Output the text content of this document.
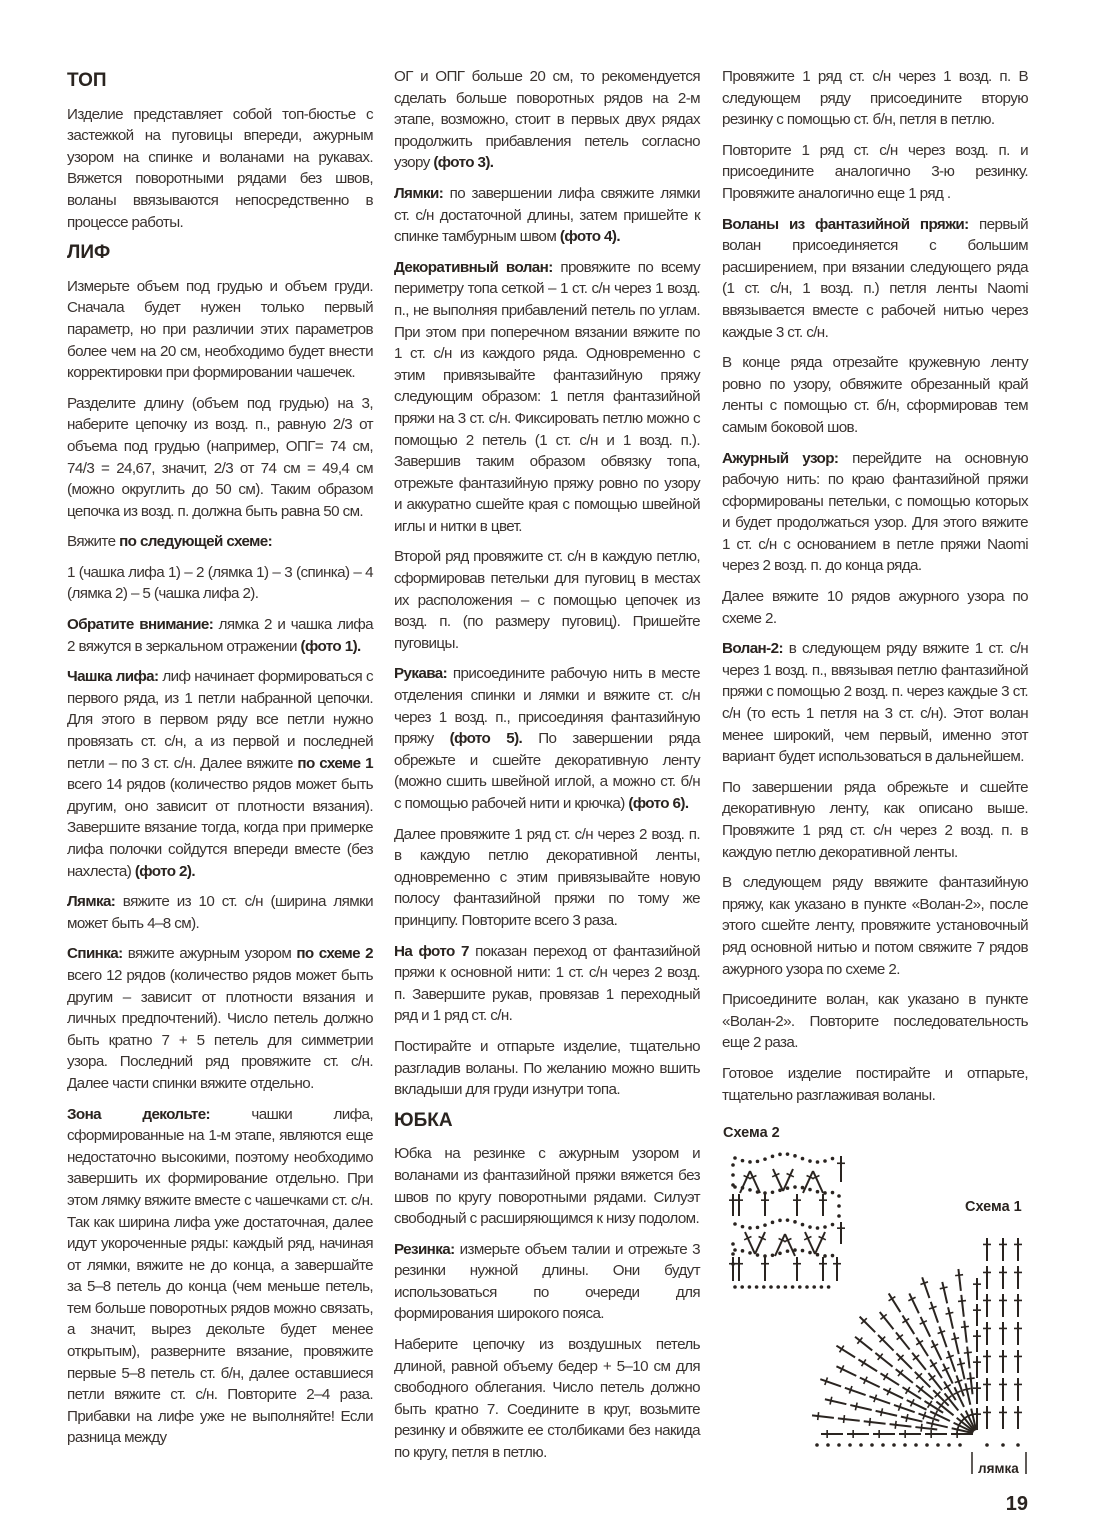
ТОП

Изделие представляет собой топ-бюстье с застежкой на пуговицы впереди, ажурным узором на спинке и воланами на рукавах. Вяжется поворотными рядами без швов, воланы ввязываются непосредственно в процессе работы.

ЛИФ

Измерьте объем под грудью и объем груди. Сначала будет нужен только первый параметр, но при различии этих параметров более чем на 20 см, необходимо будет внести корректировки при формировании чашечек.

Разделите длину (объем под грудью) на 3, наберите цепочку из возд. п., равную 2/3 от объема под грудью (например, ОПГ= 74 см, 74/3 = 24,67, значит, 2/3 от 74 см = 49,4 см (можно округлить до 50 см). Таким образом цепочка из возд. п. должна быть равна 50 см.

Вяжите по следующей схеме:

1 (чашка лифа 1) – 2 (лямка 1) – 3 (спинка) – 4 (лямка 2) – 5 (чашка лифа 2).

Обратите внимание: лямка 2 и чашка лифа 2 вяжутся в зеркальном отражении (фото 1).

Чашка лифа: лиф начинает формироваться с первого ряда, из 1 петли набранной цепочки. Для этого в первом ряду все петли нужно провязать ст. с/н, а из первой и последней петли – по 3 ст. с/н. Далее вяжите по схеме 1 всего 14 рядов (количество рядов может быть другим, оно зависит от плотности вязания). Завершите вязание тогда, когда при примерке лифа полочки сойдутся впереди вместе (без нахлеста) (фото 2).

Лямка: вяжите из 10 ст. с/н (ширина лямки может быть 4–8 см).

Спинка: вяжите ажурным узором по схеме 2 всего 12 рядов (количество рядов может быть другим – зависит от плотности вязания и личных предпочтений). Число петель должно быть кратно 7 + 5 петель для симметрии узора. Последний ряд провяжите ст. с/н. Далее части спинки вяжите отдельно.

Зона декольте: чашки лифа, сформированные на 1-м этапе, являются еще недостаточно высокими, поэтому необходимо завершить их формирование отдельно. При этом лямку вяжите вместе с чашечками ст. с/н. Так как ширина лифа уже достаточная, далее идут укороченные ряды: каждый ряд, начиная от лямки, вяжите не до конца, а завершайте за 5–8 петель до конца (чем меньше петель, тем больше поворотных рядов можно связать, а значит, вырез декольте будет менее открытым), разверните вязание, провяжите первые 5–8 петель ст. б/н, далее оставшиеся петли вяжите ст. с/н. Повторите 2–4 раза. Прибавки на лифе уже не выполняйте! Если разница между

ОГ и ОПГ больше 20 см, то рекомендуется сделать больше поворотных рядов на 2-м этапе, возможно, стоит в первых двух рядах продолжить прибавления петель согласно узору (фото 3).

Лямки: по завершении лифа свяжите лямки ст. с/н достаточной длины, затем пришейте к спинке тамбурным швом (фото 4).

Декоративный волан: провяжите по всему периметру топа сеткой – 1 ст. с/н через 1 возд. п., не выполняя прибавлений петель по углам. При этом при поперечном вязании вяжите по 1 ст. с/н из каждого ряда. Одновременно с этим привязывайте фантазийную пряжу следующим образом: 1 петля фантазийной пряжи на 3 ст. с/н. Фиксировать петлю можно с помощью 2 петель (1 ст. с/н и 1 возд. п.). Завершив таким образом обвязку топа, отрежьте фантазийную пряжу ровно по узору и аккуратно сшейте края с помощью швейной иглы и нитки в цвет.

Второй ряд провяжите ст. с/н в каждую петлю, сформировав петельки для пуговиц в местах их расположения – с помощью цепочек из возд. п. (по размеру пуговиц). Пришейте пуговицы.

Рукава: присоедините рабочую нить в месте отделения спинки и лямки и вяжите ст. с/н через 1 возд. п., присоединяя фантазийную пряжу (фото 5). По завершении ряда обрежьте и сшейте декоративную ленту (можно сшить швейной иглой, а можно ст. б/н с помощью рабочей нити и крючка) (фото 6).

Далее провяжите 1 ряд ст. с/н через 2 возд. п. в каждую петлю декоративной ленты, одновременно с этим привязывайте новую полосу фантазийной пряжи по тому же принципу. Повторите всего 3 раза.

На фото 7 показан переход от фантазийной пряжи к основной нити: 1 ст. с/н через 2 возд. п. Завершите рукав, провязав 1 переходный ряд и 1 ряд ст. с/н.

Постирайте и отпарьте изделие, тщательно разгладив воланы. По желанию можно вшить вкладыши для груди изнутри топа.

ЮБКА

Юбка на резинке с ажурным узором и воланами из фантазийной пряжи вяжется без швов по кругу поворотными рядами. Силуэт свободный с расширяющимся к низу подолом.

Резинка: измерьте объем талии и отрежьте 3 резинки нужной длины. Они будут использоваться по очереди для формирования широкого пояса.

Наберите цепочку из воздушных петель длиной, равной объему бедер + 5–10 см для свободного облегания. Число петель должно быть кратно 7. Соедините в круг, возьмите резинку и обвяжите ее столбиками без накида по кругу, петля в петлю.

Провяжите 1 ряд ст. с/н через 1 возд. п. В следующем ряду присоедините вторую резинку с помощью ст. б/н, петля в петлю.

Повторите 1 ряд ст. с/н через возд. п. и присоедините аналогично 3-ю резинку. Провяжите аналогично еще 1 ряд .

Воланы из фантазийной пряжи: первый волан присоединяется с большим расширением, при вязании следующего ряда (1 ст. с/н, 1 возд. п.) петля ленты Naomi ввязывается вместе с рабочей нитью через каждые 3 ст. с/н.

В конце ряда отрезайте кружевную ленту ровно по узору, обвяжите обрезанный край ленты с помощью ст. б/н, сформировав тем самым боковой шов.

Ажурный узор: перейдите на основную рабочую нить: по краю фантазийной пряжи сформированы петельки, с помощью которых и будет продолжаться узор. Для этого вяжите 1 ст. с/н с основанием в петле пряжи Naomi через 2 возд. п. до конца ряда.

Далее вяжите 10 рядов ажурного узора по схеме 2.

Волан-2: в следующем ряду вяжите 1 ст. с/н через 1 возд. п., ввязывая петлю фантазийной пряжи с помощью 2 возд. п. через каждые 3 ст. с/н (то есть 1 петля на 3 ст. с/н). Этот волан менее широкий, чем первый, именно этот вариант будет использоваться в дальнейшем.

По завершении ряда обрежьте и сшейте декоративную ленту, как описано выше. Провяжите 1 ряд ст. с/н через 2 возд. п. в каждую петлю декоративной ленты.

В следующем ряду ввяжите фантазийную пряжу, как указано в пункте «Волан-2», после этого сшейте ленту, провяжите установочный ряд основной нитью и потом свяжите 7 рядов ажурного узора по схеме 2.

Присоедините волан, как указано в пункте «Волан-2». Повторите последовательность еще 2 раза.

Готовое изделие постирайте и отпарьте, тщательно разглаживая воланы.

Схема 2
Схема 1
лямка
19
